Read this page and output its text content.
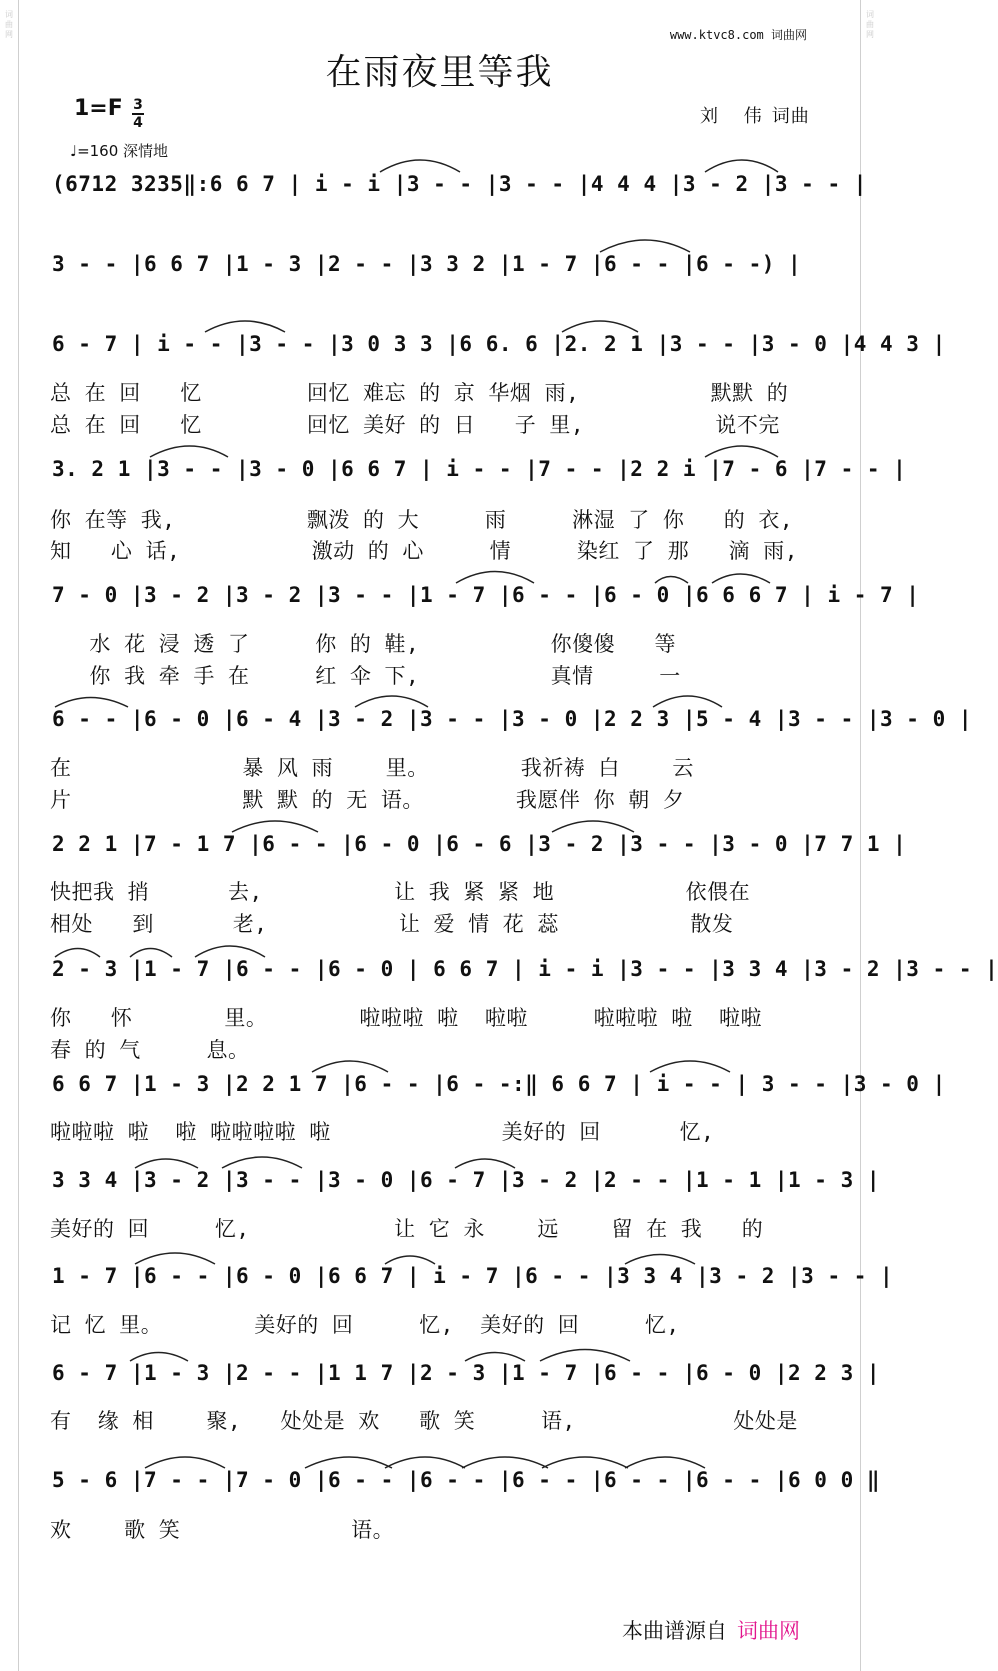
词曲网
词曲网
www.ktvc8.com 词曲网
在雨夜里等我
1=F 3
4
♩=160 深情地
刘 伟词曲
(6712 3235‖:6 6 7 | i - i |3 - - |3 - - |4 4 4 |3 - 2 |3 - - |
3 - - |6 6 7 |1 - 3 |2 - - |3 3 2 |1 - 7 |6 - - |6 - -) |
6 - 7 | i - - |3 - - |3 0 3 3 |6 6. 6 |2. 2 1 |3 - - |3 - 0 |4 4 3 |
总 在 回   忆        回忆 难忘 的 京 华烟 雨,          默默 的
总 在 回   忆        回忆 美好 的 日   子 里,          说不完
3. 2 1 |3 - - |3 - 0 |6 6 7 | i - - |7 - - |2 2 i |7 - 6 |7 - - |
你 在等 我,          飘泼 的 大     雨     淋湿 了 你   的 衣,
知   心 话,          激动 的 心     情     染红 了 那   滴 雨,
7 - 0 |3 - 2 |3 - 2 |3 - - |1 - 7 |6 - - |6 - 0 |6 6 6 7 | i - 7 |
水 花 浸 透 了     你 的 鞋,          你傻傻   等
你 我 牵 手 在     红 伞 下,          真情     一
6 - - |6 - 0 |6 - 4 |3 - 2 |3 - - |3 - 0 |2 2 3 |5 - 4 |3 - - |3 - 0 |
在             暴 风 雨    里。       我祈祷 白    云
片             默 默 的 无 语。       我愿伴 你 朝 夕
2 2 1 |7 - 1 7 |6 - - |6 - 0 |6 - 6 |3 - 2 |3 - - |3 - 0 |7 7 1 |
快把我 捎      去,          让 我 紧 紧 地          依偎在
相处   到      老,          让 爱 情 花 蕊          散发
2 - 3 |1 - 7 |6 - - |6 - 0 | 6 6 7 | i - i |3 - - |3 3 4 |3 - 2 |3 - - |
你   怀       里。       啦啦啦 啦  啦啦     啦啦啦 啦  啦啦
春 的 气     息。
6 6 7 |1 - 3 |2 2 1 7 |6 - - |6 - -:‖ 6 6 7 | i - - | 3 - - |3 - 0 |
啦啦啦 啦  啦 啦啦啦啦 啦             美好的 回      忆,
3 3 4 |3 - 2 |3 - - |3 - 0 |6 - 7 |3 - 2 |2 - - |1 - 1 |1 - 3 |
美好的 回     忆,           让 它 永    远    留 在 我   的
1 - 7 |6 - - |6 - 0 |6 6 7 | i - 7 |6 - - |3 3 4 |3 - 2 |3 - - |
记 忆 里。       美好的 回     忆,  美好的 回     忆,
6 - 7 |1 - 3 |2 - - |1 1 7 |2 - 3 |1 - 7 |6 - - |6 - 0 |2 2 3 |
有  缘 相    聚,   处处是 欢   歌 笑     语,            处处是
5 - 6 |7 - - |7 - 0 |6 - - |6 - - |6 - - |6 - - |6 - - |6 0 0 ‖
欢    歌 笑             语。
本曲谱源自 词曲网
